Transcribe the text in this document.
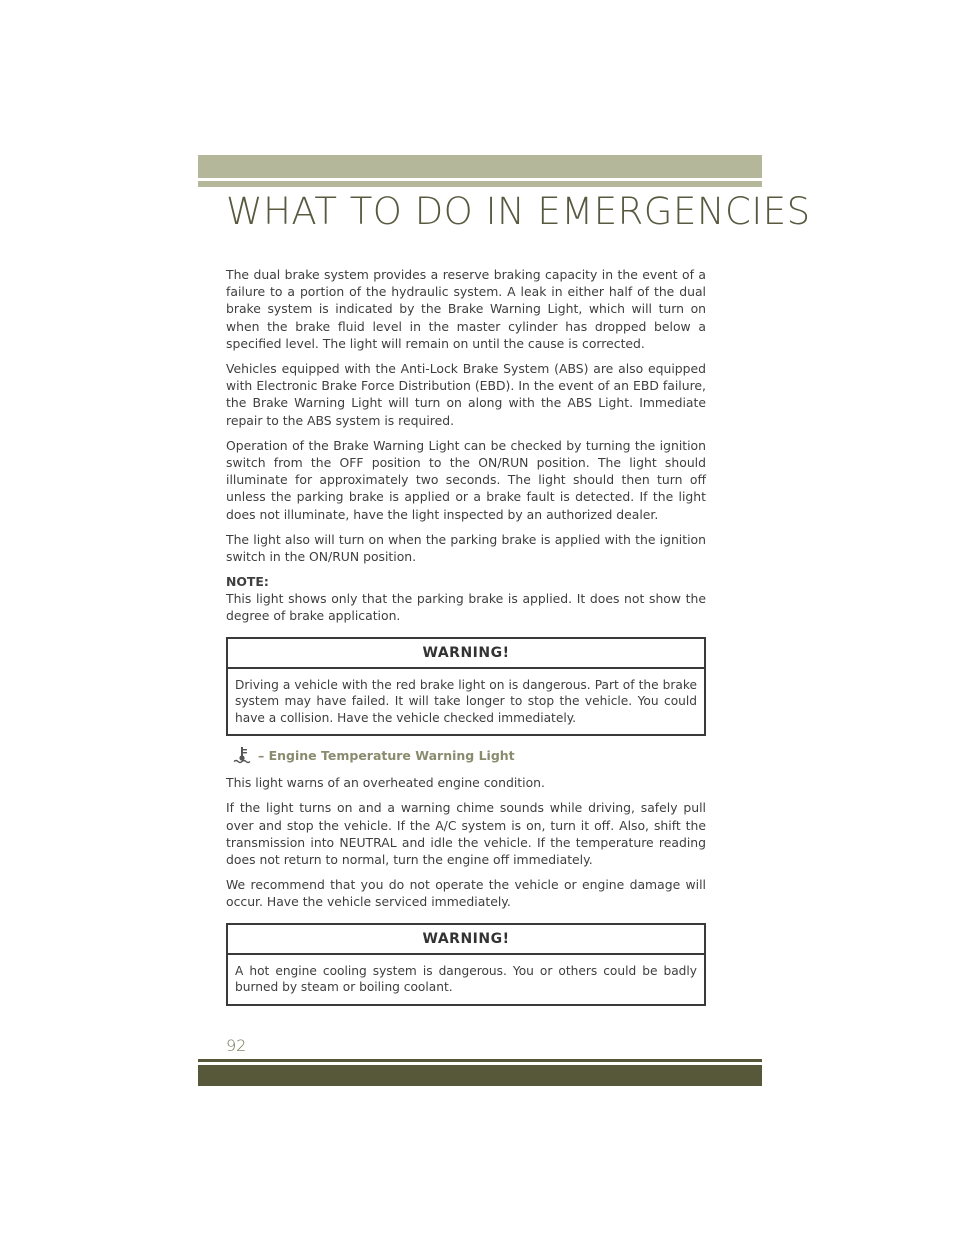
WHAT TO DO IN EMERGENCIES

The dual brake system provides a reserve braking capacity in the event of a failure to a portion of the hydraulic system. A leak in either half of the dual brake system is indicated by the Brake Warning Light, which will turn on when the brake fluid level in the master cylinder has dropped below a specified level. The light will remain on until the cause is corrected.

Vehicles equipped with the Anti-Lock Brake System (ABS) are also equipped with Electronic Brake Force Distribution (EBD). In the event of an EBD failure, the Brake Warning Light will turn on along with the ABS Light. Immediate repair to the ABS system is required.

Operation of the Brake Warning Light can be checked by turning the ignition switch from the OFF position to the ON/RUN position. The light should illuminate for approximately two seconds. The light should then turn off unless the parking brake is applied or a brake fault is detected. If the light does not illuminate, have the light inspected by an authorized dealer.

The light also will turn on when the parking brake is applied with the ignition switch in the ON/RUN position.

NOTE:

This light shows only that the parking brake is applied. It does not show the degree of brake application.

WARNING!
Driving a vehicle with the red brake light on is dangerous. Part of the brake system may have failed. It will take longer to stop the vehicle. You could have a collision. Have the vehicle checked immediately.
– Engine Temperature Warning Light

This light warns of an overheated engine condition.

If the light turns on and a warning chime sounds while driving, safely pull over and stop the vehicle. If the A/C system is on, turn it off. Also, shift the transmission into NEUTRAL and idle the vehicle. If the temperature reading does not return to normal, turn the engine off immediately.

We recommend that you do not operate the vehicle or engine damage will occur. Have the vehicle serviced immediately.

WARNING!
A hot engine cooling system is dangerous. You or others could be badly burned by steam or boiling coolant.
92
